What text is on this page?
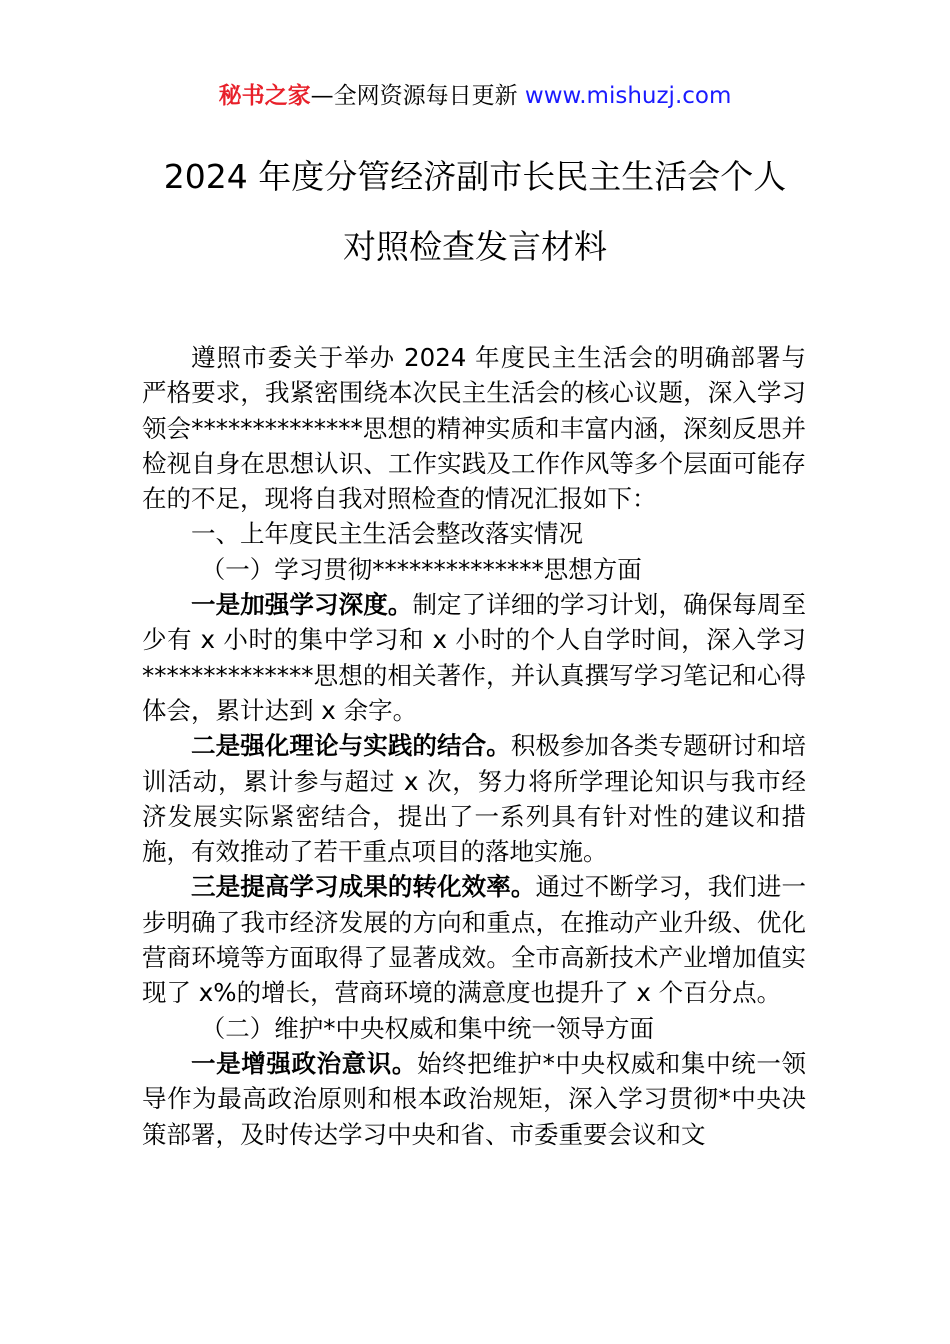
秘书之家—全网资源每日更新 www.mishuzj.com
2024 年度分管经济副市长民主生活会个人
对照检查发言材料

遵照市委关于举办 2024 年度民主生活会的明确部署与严格要求，我紧密围绕本次民主生活会的核心议题，深入学习领会**************思想的精神实质和丰富内涵，深刻反思并检视自身在思想认识、工作实践及工作作风等多个层面可能存在的不足，现将自我对照检查的情况汇报如下：

一、上年度民主生活会整改落实情况

（一）学习贯彻**************思想方面

一是加强学习深度。制定了详细的学习计划，确保每周至少有 x 小时的集中学习和 x 小时的个人自学时间，深入学习**************思想的相关著作，并认真撰写学习笔记和心得体会，累计达到 x 余字。

二是强化理论与实践的结合。积极参加各类专题研讨和培训活动，累计参与超过 x 次，努力将所学理论知识与我市经济发展实际紧密结合，提出了一系列具有针对性的建议和措施，有效推动了若干重点项目的落地实施。

三是提高学习成果的转化效率。通过不断学习，我们进一步明确了我市经济发展的方向和重点，在推动产业升级、优化营商环境等方面取得了显著成效。全市高新技术产业增加值实现了 x%的增长，营商环境的满意度也提升了 x 个百分点。

（二）维护*中央权威和集中统一领导方面

一是增强政治意识。始终把维护*中央权威和集中统一领导作为最高政治原则和根本政治规矩，深入学习贯彻*中央决策部署，及时传达学习中央和省、市委重要会议和文
